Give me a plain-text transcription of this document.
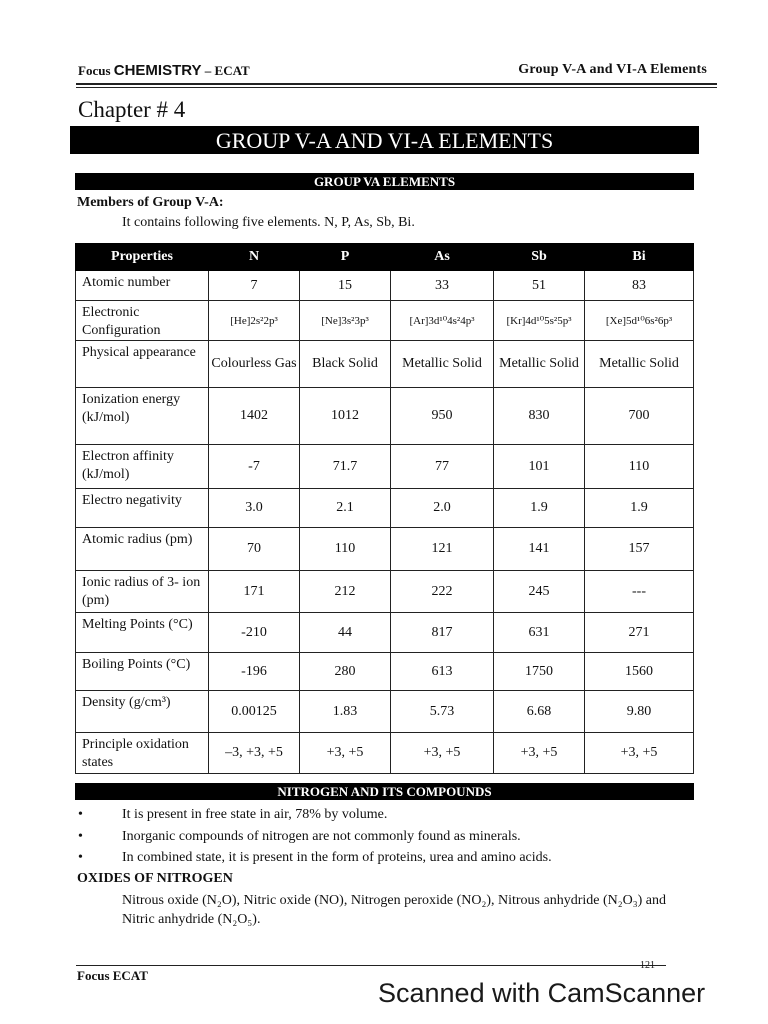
Focus CHEMISTRY – ECAT	Group V-A and VI-A Elements
Chapter # 4
GROUP V-A AND VI-A ELEMENTS
GROUP VA ELEMENTS
Members of Group V-A:
It contains following five elements. N, P, As, Sb, Bi.
Properties	N	P	As	Sb	Bi
Atomic number	7	15	33	51	83
Electronic Configuration	[He]2s²2p³	[Ne]3s²3p³	[Ar]3d¹⁰4s²4p³	[Kr]4d¹⁰5s²5p³	[Xe]5d¹⁰6s²6p³
Physical appearance	Colourless Gas	Black Solid	Metallic Solid	Metallic Solid	Metallic Solid
Ionization energy (kJ/mol)	1402	1012	950	830	700
Electron affinity (kJ/mol)	-7	71.7	77	101	110
Electro negativity	3.0	2.1	2.0	1.9	1.9
Atomic radius (pm)	70	110	121	141	157
Ionic radius of 3- ion (pm)	171	212	222	245	---
Melting Points (°C)	-210	44	817	631	271
Boiling Points (°C)	-196	280	613	1750	1560
Density (g/cm³)	0.00125	1.83	5.73	6.68	9.80
Principle oxidation states	–3, +3, +5	+3, +5	+3, +5	+3, +5	+3, +5
NITROGEN AND ITS COMPOUNDS
•	It is present in free state in air, 78% by volume.
•	Inorganic compounds of nitrogen are not commonly found as minerals.
•	In combined state, it is present in the form of proteins, urea and amino acids.
OXIDES OF NITROGEN
Nitrous oxide (N₂O), Nitric oxide (NO), Nitrogen peroxide (NO₂), Nitrous anhydride (N₂O₃) and Nitric anhydride (N₂O₅).
Focus ECAT
121
Scanned with CamScanner
